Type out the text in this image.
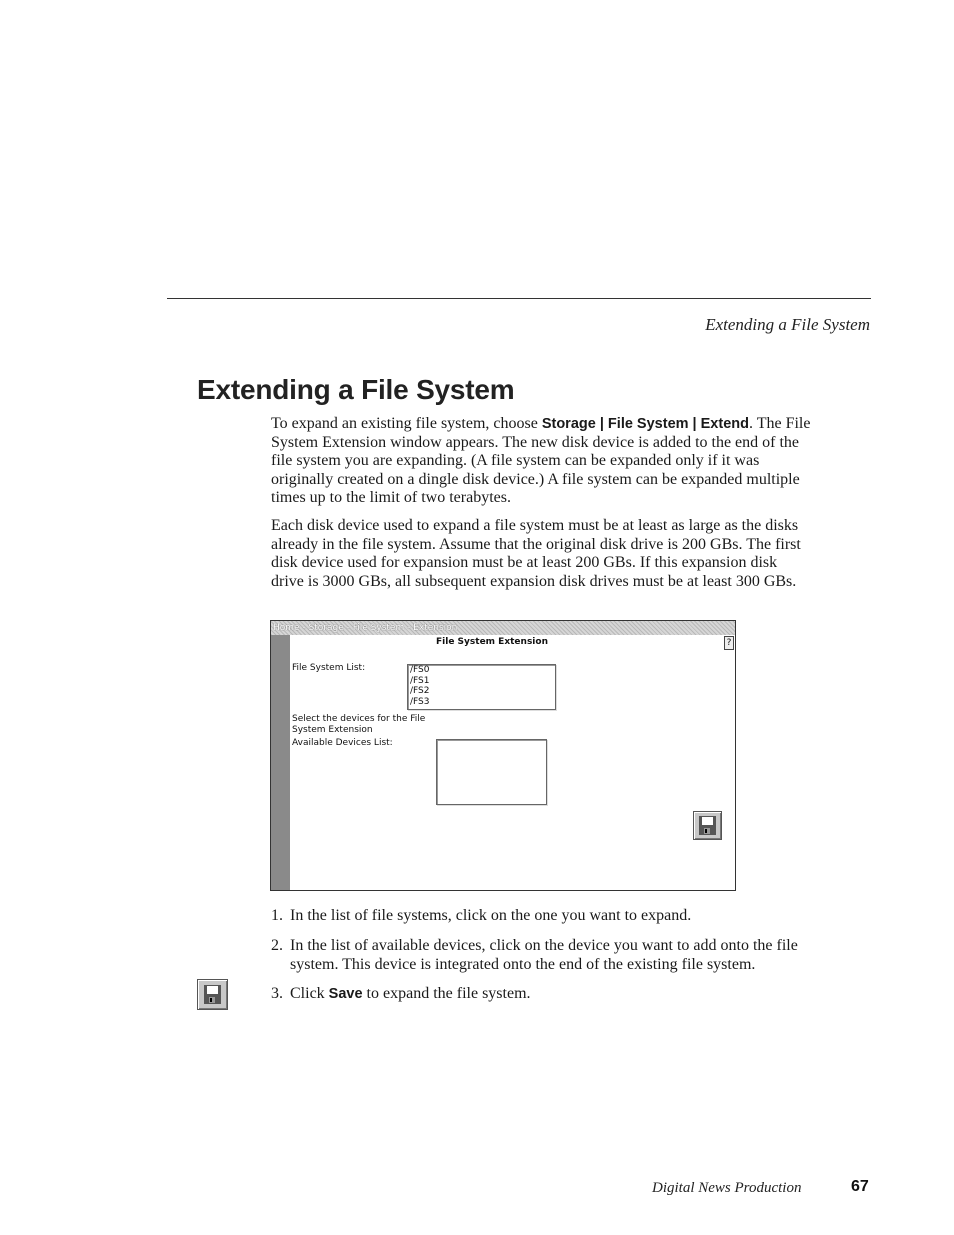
Extending a File System
Extending a File System

To expand an existing file system, choose Storage | File System | Extend. The File System Extension window appears. The new disk device is added to the end of the file system you are expanding. (A file system can be expanded only if it was originally created on a dingle disk device.) A file system can be expanded multiple times up to the limit of two terabytes.

Each disk device used to expand a file system must be at least as large as the disks already in the file system. Assume that the original disk drive is 200 GBs. The first disk device used for expansion must be at least 200 GBs. If this expansion disk drive is 3000 GBs, all subsequent expansion disk drives must be at least 300 GBs.

Home - Storage - File System - Extension
File System Extension	?
File System List:	/FS0
/FS1
/FS2
/FS3
Select the devices for the File
System Extension
Available Devices List:
1. In the list of file systems, click on the one you want to expand.
2. In the list of available devices, click on the device you want to add onto the file system. This device is integrated onto the end of the existing file system.
3. Click Save to expand the file system.
Digital News Production	67
